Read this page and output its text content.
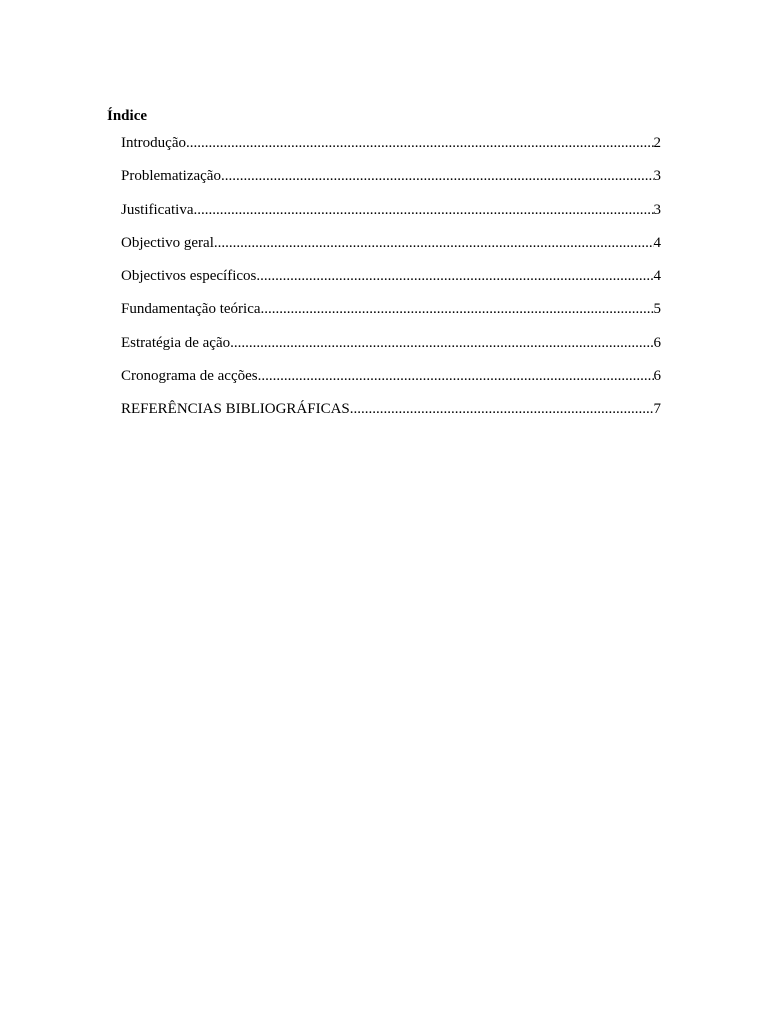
Índice
Introdução .....	2
Problematização .....	3
Justificativa .....	3
Objectivo geral .....	4
Objectivos específicos .....	4
Fundamentação teórica .....	5
Estratégia de ação .....	6
Cronograma de acções .....	6
REFERÊNCIAS BIBLIOGRÁFICAS .....	7
